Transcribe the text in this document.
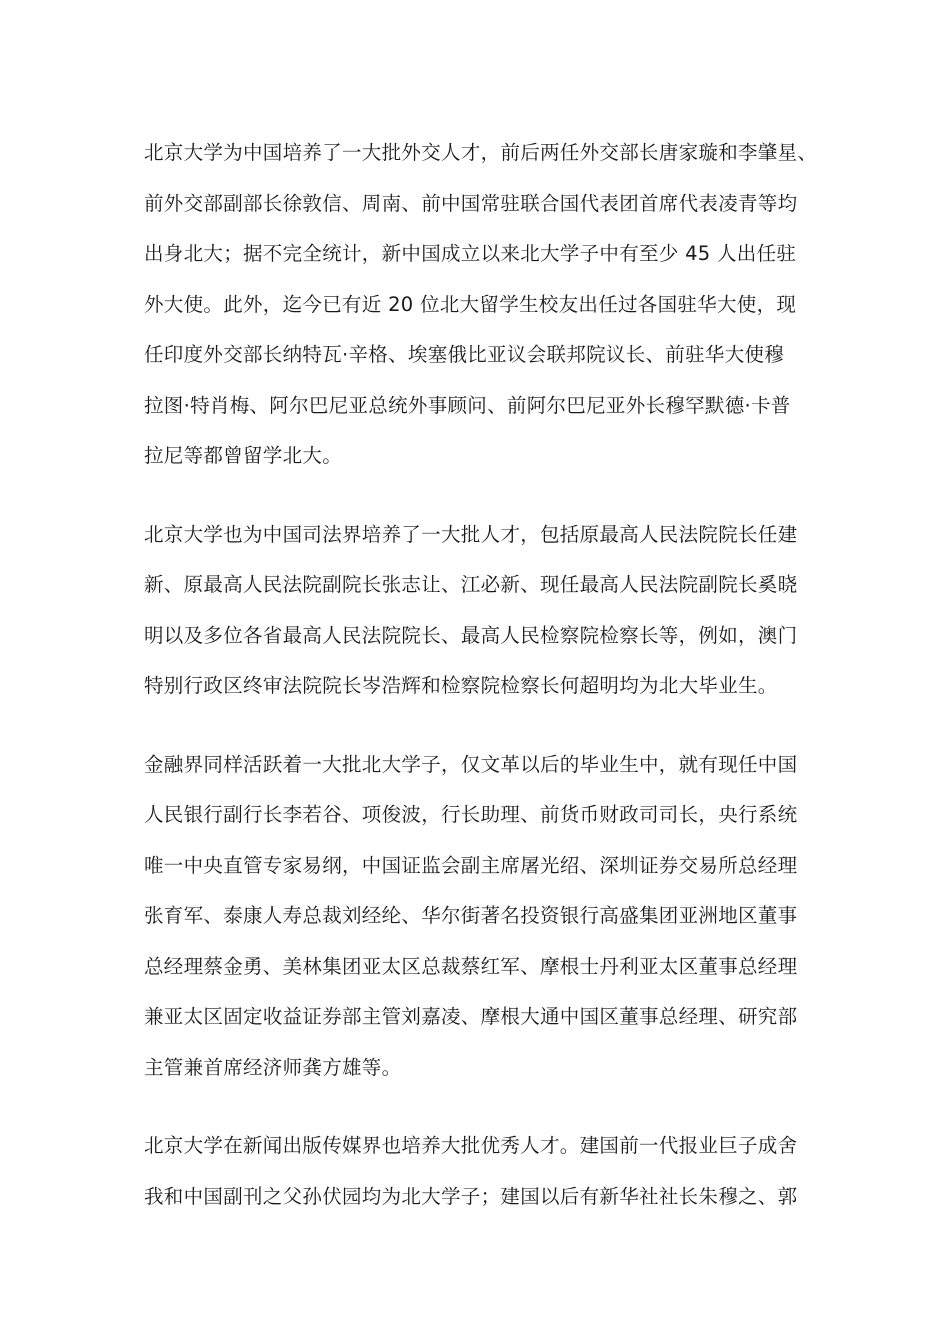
北京大学为中国培养了一大批外交人才，前后两任外交部长唐家璇和李肇星、
前外交部副部长徐敦信、周南、前中国常驻联合国代表团首席代表凌青等均
出身北大；据不完全统计，新中国成立以来北大学子中有至少 45 人出任驻
外大使。此外，迄今已有近 20 位北大留学生校友出任过各国驻华大使，现
任印度外交部长纳特瓦·辛格、埃塞俄比亚议会联邦院议长、前驻华大使穆
拉图·特肖梅、阿尔巴尼亚总统外事顾问、前阿尔巴尼亚外长穆罕默德·卡普
拉尼等都曾留学北大。
北京大学也为中国司法界培养了一大批人才，包括原最高人民法院院长任建
新、原最高人民法院副院长张志让、江必新、现任最高人民法院副院长奚晓
明以及多位各省最高人民法院院长、最高人民检察院检察长等，例如，澳门
特别行政区终审法院院长岑浩辉和检察院检察长何超明均为北大毕业生。
金融界同样活跃着一大批北大学子，仅文革以后的毕业生中，就有现任中国
人民银行副行长李若谷、项俊波，行长助理、前货币财政司司长，央行系统
唯一中央直管专家易纲，中国证监会副主席屠光绍、深圳证券交易所总经理
张育军、泰康人寿总裁刘经纶、华尔街著名投资银行高盛集团亚洲地区董事
总经理蔡金勇、美林集团亚太区总裁蔡红军、摩根士丹利亚太区董事总经理
兼亚太区固定收益证券部主管刘嘉凌、摩根大通中国区董事总经理、研究部
主管兼首席经济师龚方雄等。
北京大学在新闻出版传媒界也培养大批优秀人才。建国前一代报业巨子成舍
我和中国副刊之父孙伏园均为北大学子；建国以后有新华社社长朱穆之、郭
